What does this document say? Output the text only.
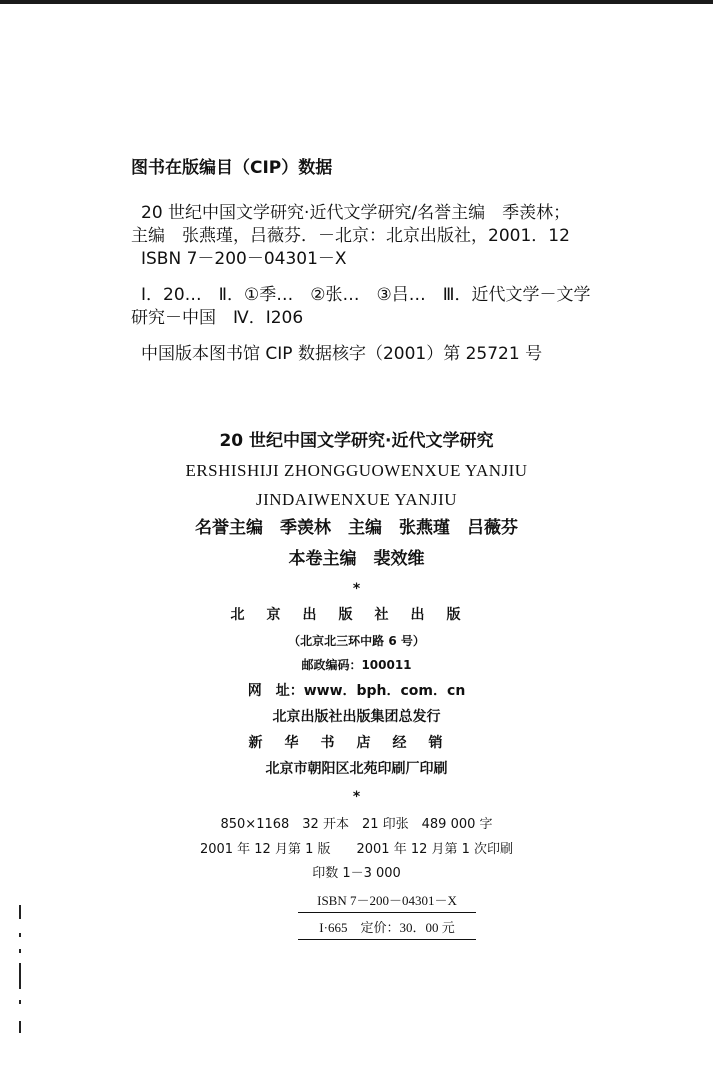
图书在版编目（CIP）数据
20 世纪中国文学研究·近代文学研究/名誉主编　季羡林；
主编　张燕瑾，吕薇芬．－北京：北京出版社，2001．12
ISBN 7－200－04301－X
Ⅰ．20…　Ⅱ．①季…　②张…　③吕…　Ⅲ．近代文学－文学
研究－中国　Ⅳ．I206
中国版本图书馆 CIP 数据核字（2001）第 25721 号
20 世纪中国文学研究·近代文学研究
ERSHISHIJI ZHONGGUOWENXUE YANJIU
JINDAIWENXUE YANJIU
名誉主编　季羡林　主编　张燕瑾　吕薇芬
本卷主编　裴效维
*
北京出版社出版
（北京北三环中路 6 号）
邮政编码：100011
网　址：www．bph．com．cn
北京出版社出版集团总发行
新华书店经销
北京市朝阳区北苑印刷厂印刷
*
850×1168　32 开本　21 印张　489 000 字
2001 年 12 月第 1 版　　2001 年 12 月第 1 次印刷
印数 1－3 000
ISBN 7－200－04301－X
I·665　定价：30．00 元
